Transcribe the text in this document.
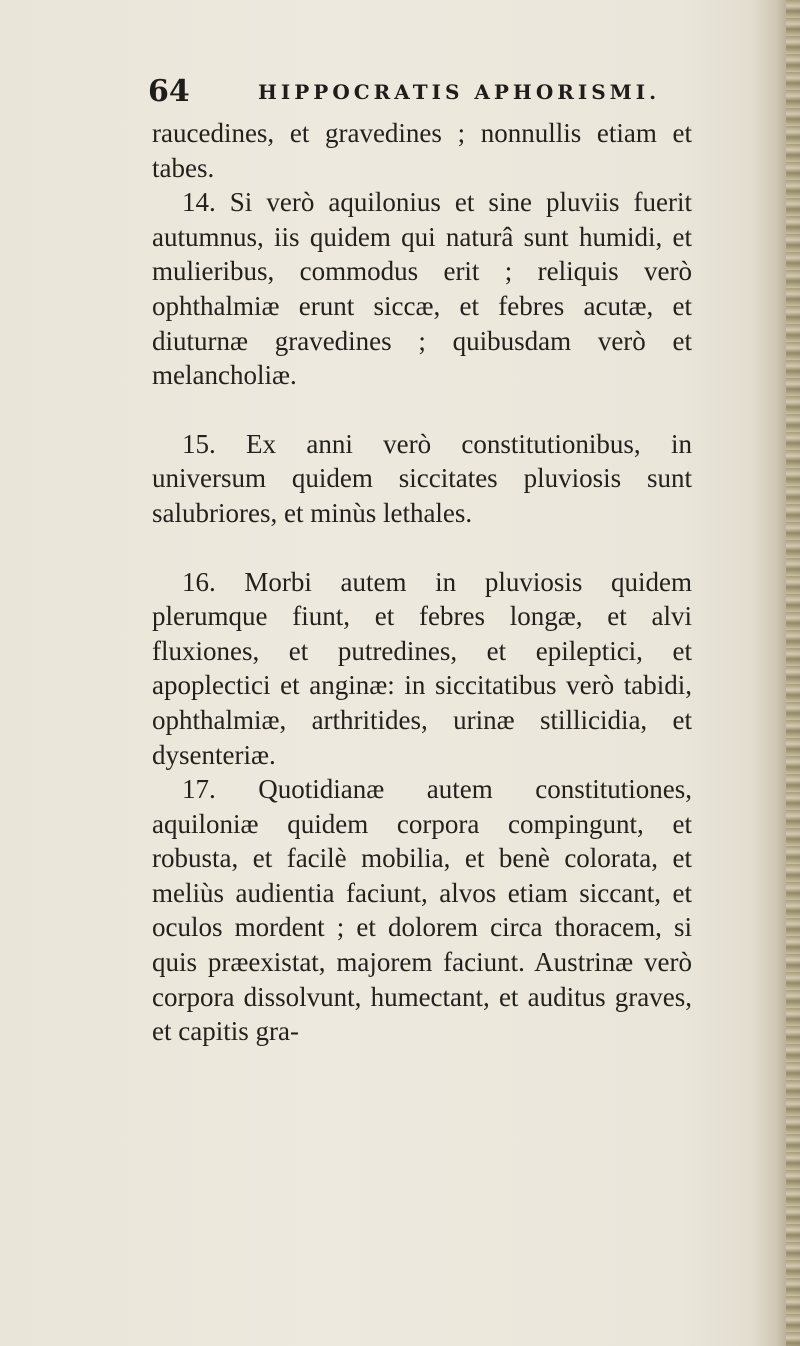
64	HIPPOCRATIS APHORISMI.

raucedines, et gravedines ; nonnullis etiam et tabes.

14. Si verò aquilonius et sine pluviis fuerit autumnus, iis quidem qui naturâ sunt humidi, et mulieribus, commodus erit ; reliquis verò ophthalmiæ erunt siccæ, et febres acutæ, et diuturnæ gravedines ; quibusdam verò et melancholiæ.

15. Ex anni verò constitutionibus, in universum quidem siccitates pluviosis sunt salubriores, et minùs lethales.

16. Morbi autem in pluviosis quidem plerumque fiunt, et febres longæ, et alvi fluxiones, et putredines, et epileptici, et apoplectici et anginæ: in siccitatibus verò tabidi, ophthalmiæ, arthritides, urinæ stillicidia, et dysenteriæ.

17. Quotidianæ autem constitutiones, aquiloniæ quidem corpora compingunt, et robusta, et facilè mobilia, et benè colorata, et meliùs audientia faciunt, alvos etiam siccant, et oculos mordent ; et dolorem circa thoracem, si quis præexistat, majorem faciunt. Austrinæ verò corpora dissolvunt, humectant, et auditus graves, et capitis gra-
